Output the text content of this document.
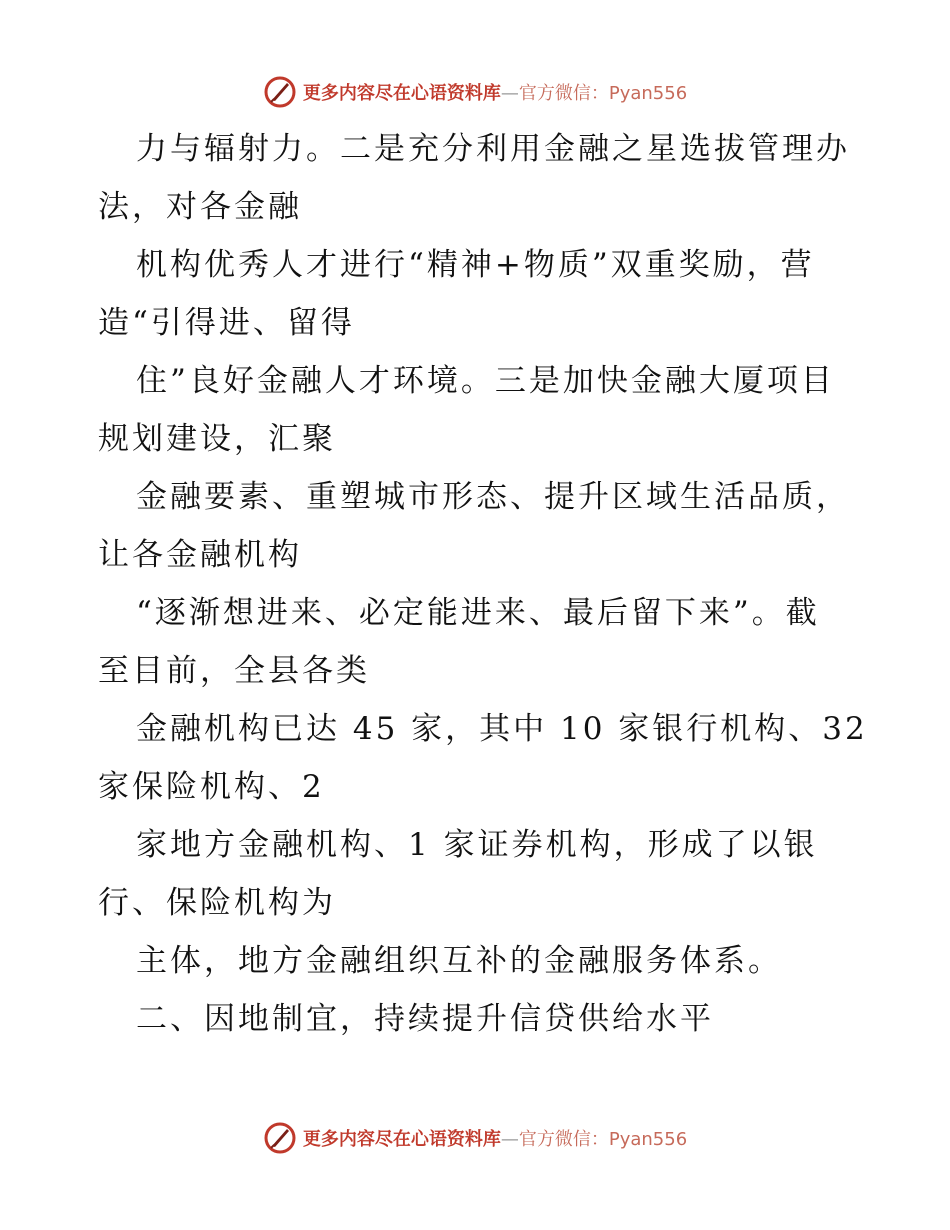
更多内容尽在心语资料库—官方微信：Pyan556
力与辐射力。二是充分利用金融之星选拔管理办
法，对各金融
机构优秀人才进行“精神+物质”双重奖励，营
造“引得进、留得
住”良好金融人才环境。三是加快金融大厦项目
规划建设，汇聚
金融要素、重塑城市形态、提升区域生活品质，
让各金融机构
“逐渐想进来、必定能进来、最后留下来”。截
至目前，全县各类
金融机构已达 45 家，其中 10 家银行机构、32
家保险机构、2
家地方金融机构、1 家证券机构，形成了以银
行、保险机构为
主体，地方金融组织互补的金融服务体系。
二、因地制宜，持续提升信贷供给水平
更多内容尽在心语资料库—官方微信：Pyan556
